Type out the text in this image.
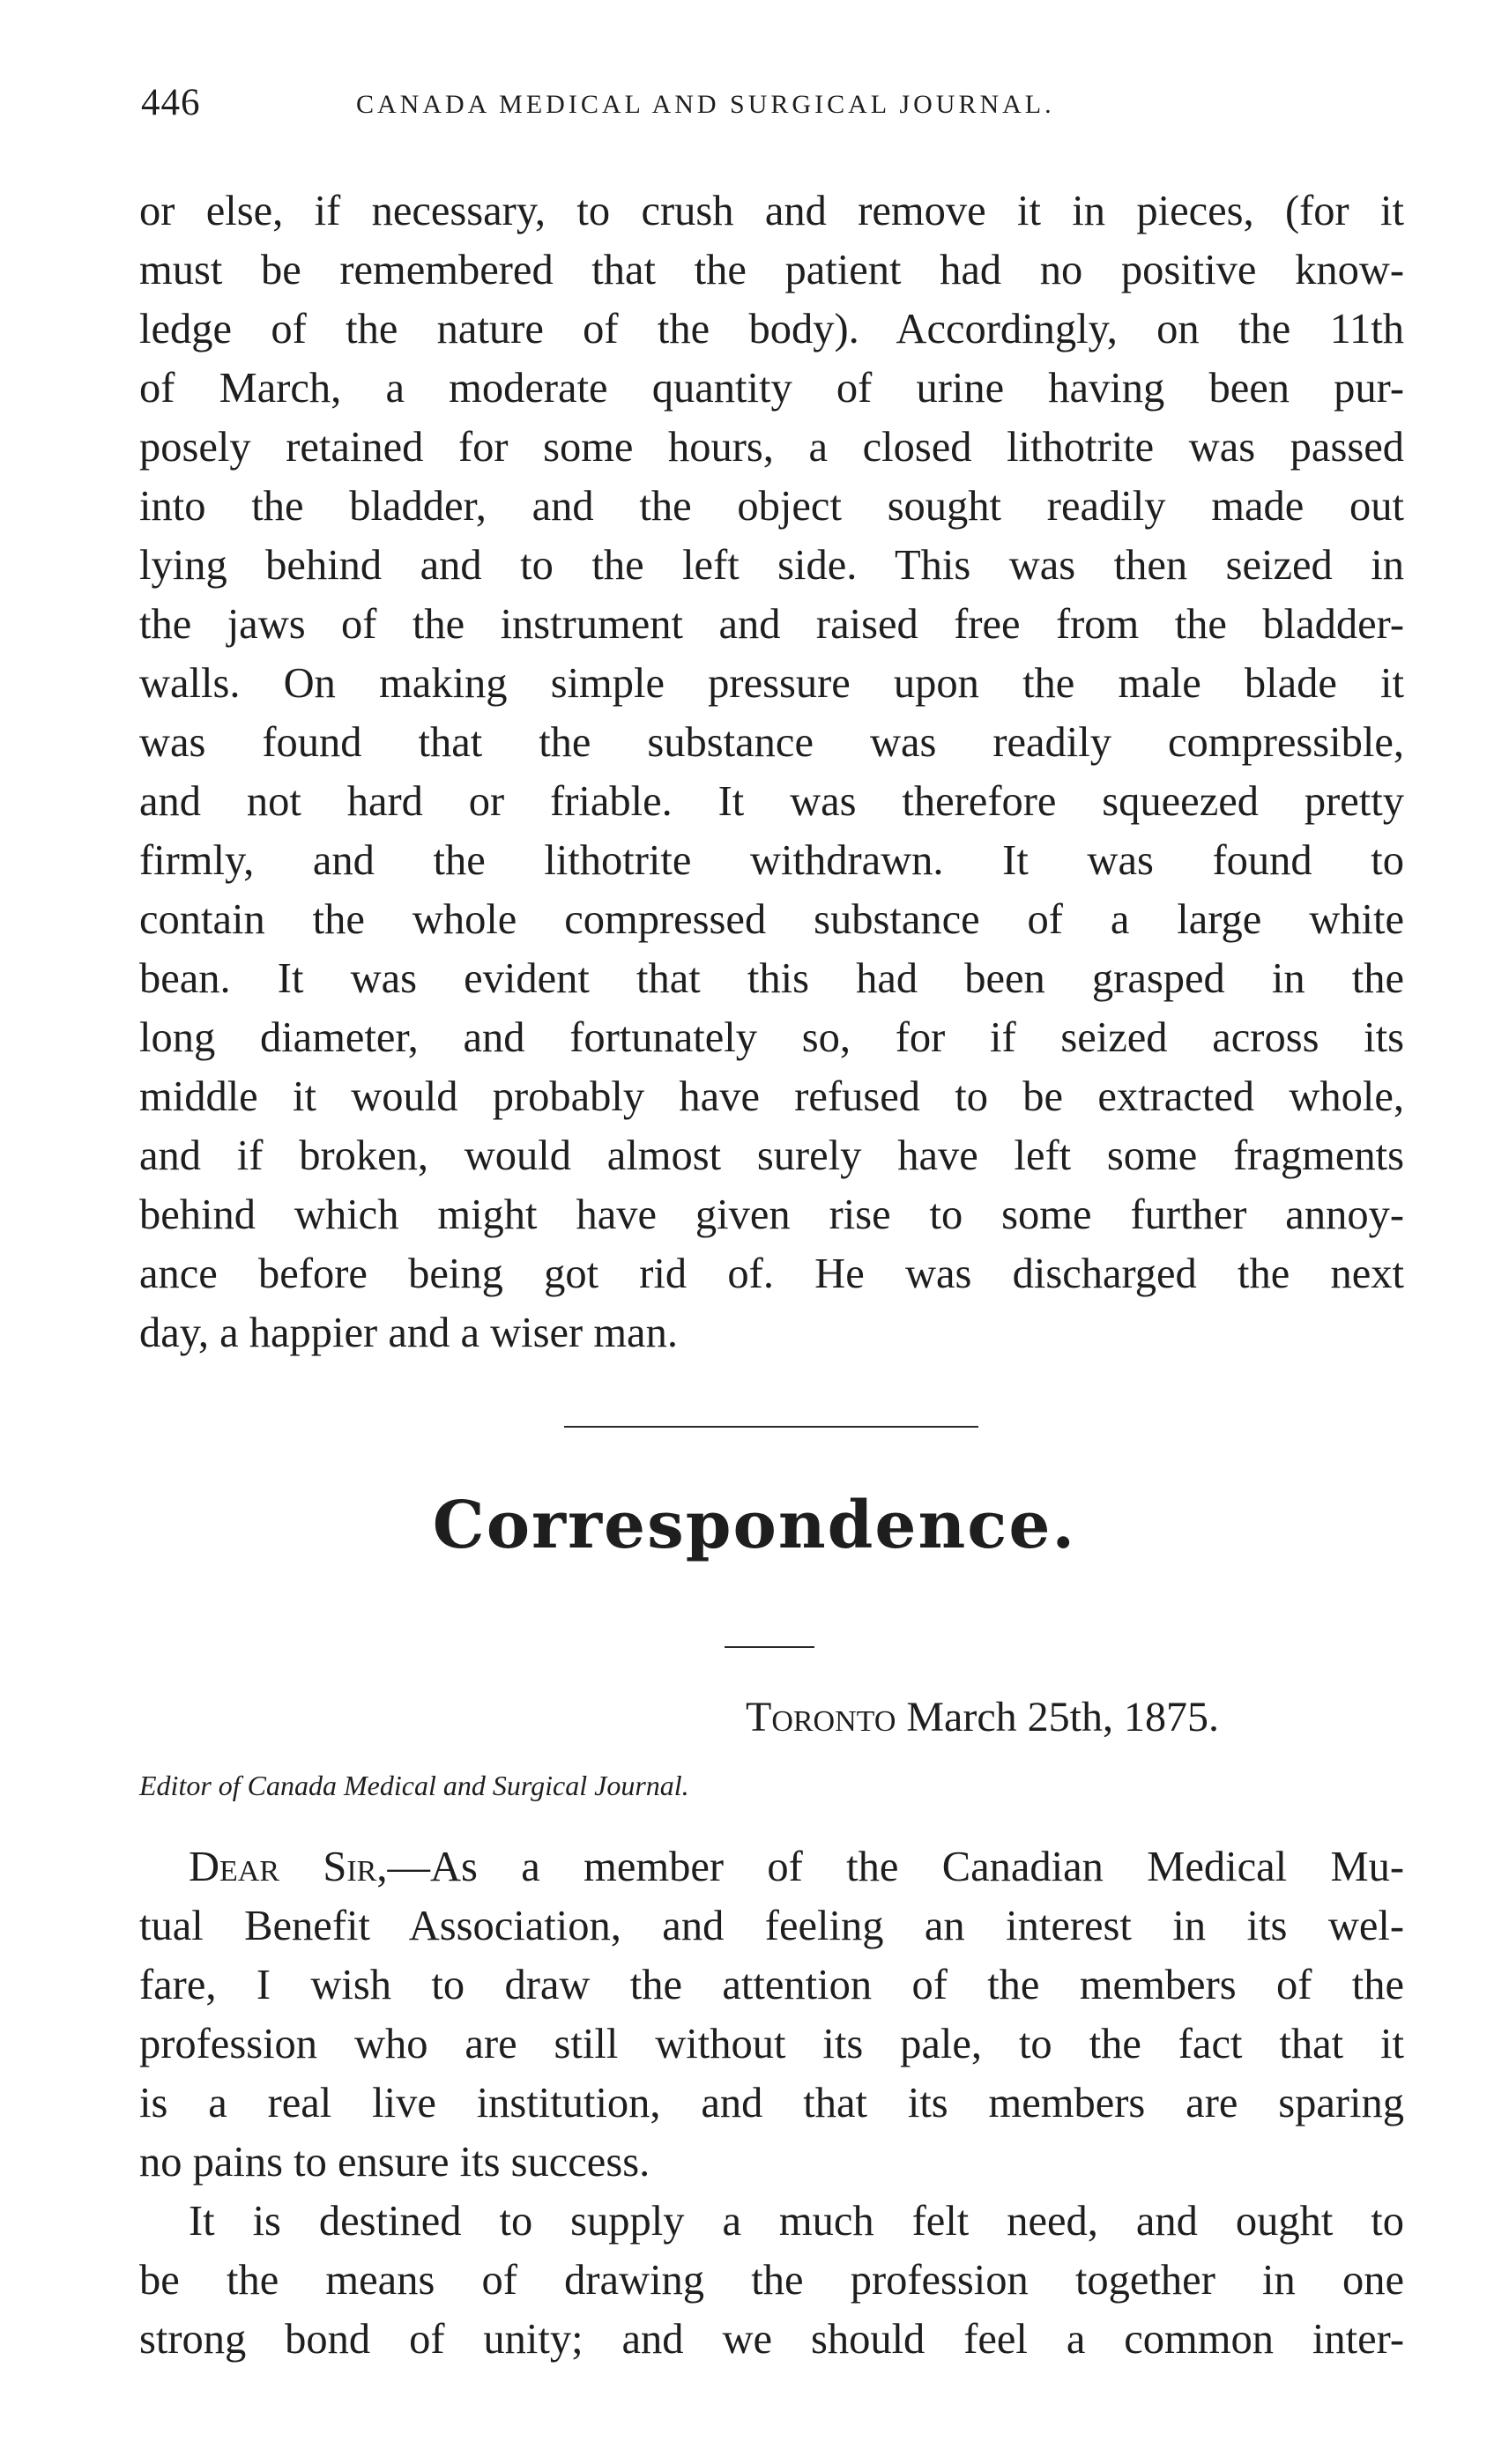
446	CANADA MEDICAL AND SURGICAL JOURNAL.
or else, if necessary, to crush and remove it in pieces, (for it
must be remembered that the patient had no positive know-
ledge of the nature of the body). Accordingly, on the 11th
of March, a moderate quantity of urine having been pur-
posely retained for some hours, a closed lithotrite was passed
into the bladder, and the object sought readily made out
lying behind and to the left side. This was then seized in
the jaws of the instrument and raised free from the bladder-
walls. On making simple pressure upon the male blade it
was found that the substance was readily compressible,
and not hard or friable. It was therefore squeezed pretty
firmly, and the lithotrite withdrawn. It was found to
contain the whole compressed substance of a large white
bean. It was evident that this had been grasped in the
long diameter, and fortunately so, for if seized across its
middle it would probably have refused to be extracted whole,
and if broken, would almost surely have left some fragments
behind which might have given rise to some further annoy-
ance before being got rid of. He was discharged the next
day, a happier and a wiser man.
Correspondence.
Toronto March 25th, 1875.
Editor of Canada Medical and Surgical Journal.
Dear Sir,—As a member of the Canadian Medical Mu-
tual Benefit Association, and feeling an interest in its wel-
fare, I wish to draw the attention of the members of the
profession who are still without its pale, to the fact that it
is a real live institution, and that its members are sparing
no pains to ensure its success.
It is destined to supply a much felt need, and ought to
be the means of drawing the profession together in one
strong bond of unity; and we should feel a common inter-
